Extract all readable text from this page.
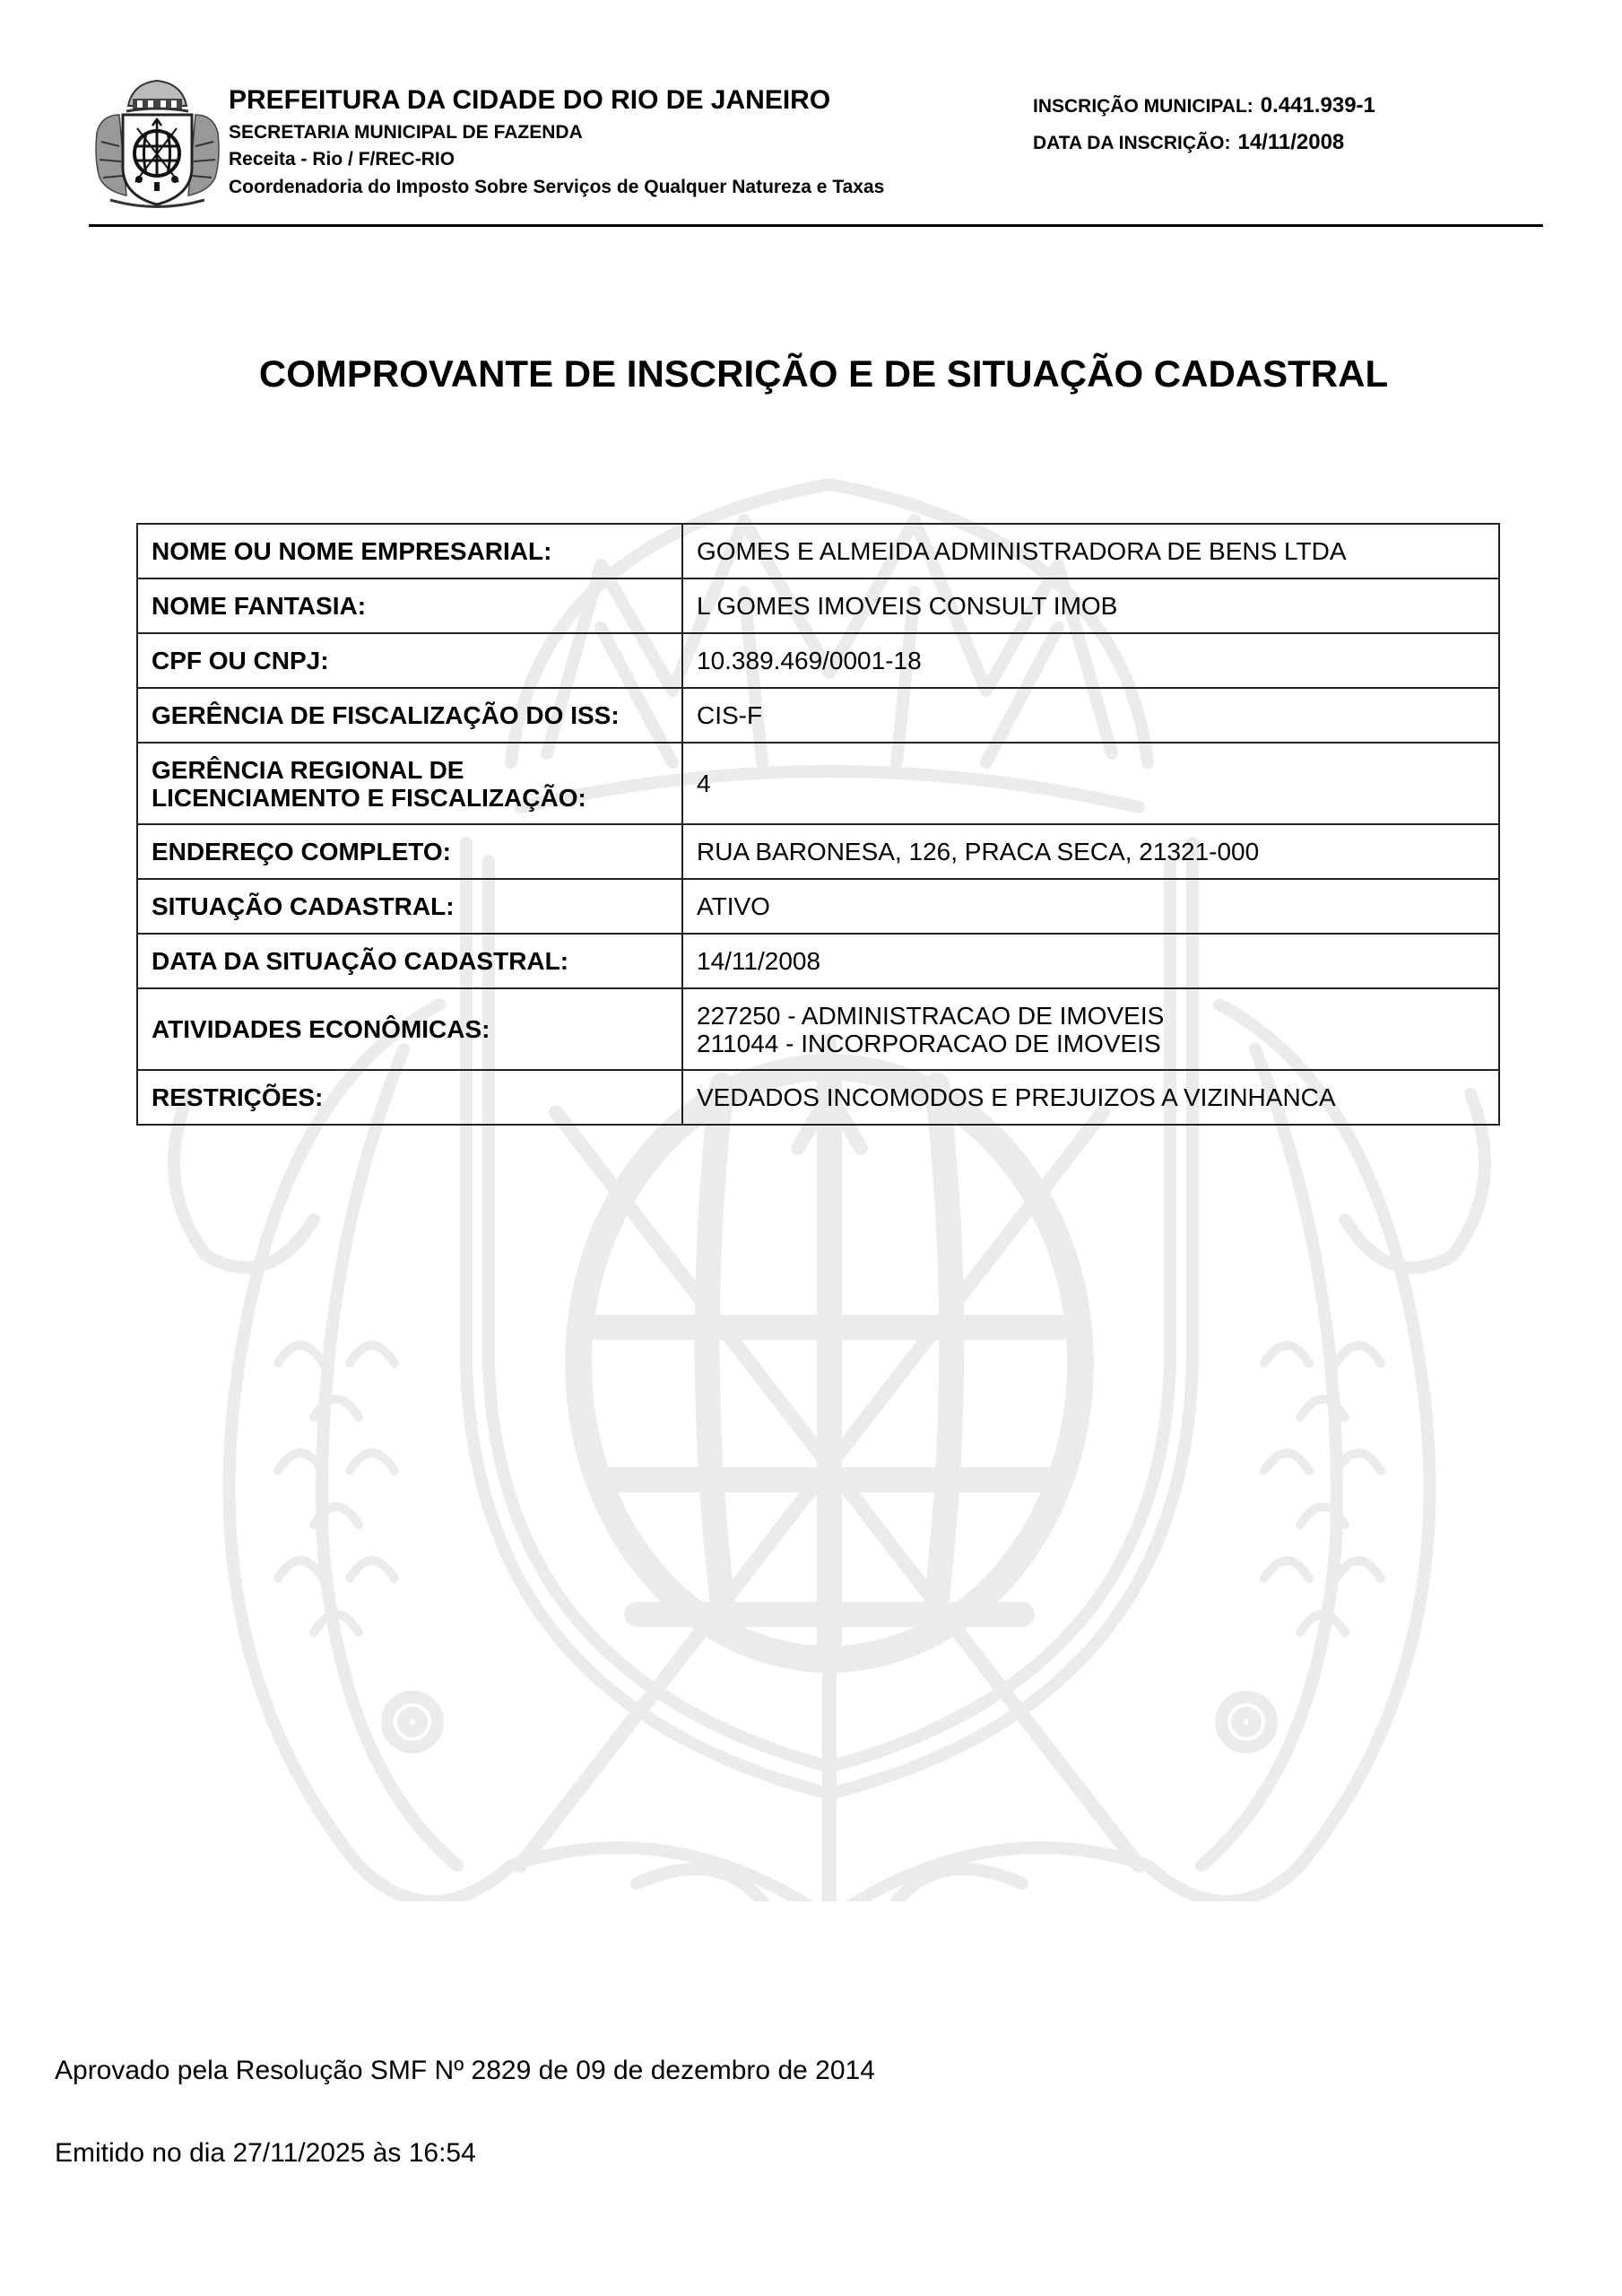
PREFEITURA DA CIDADE DO RIO DE JANEIRO
SECRETARIA MUNICIPAL DE FAZENDA
Receita - Rio / F/REC-RIO
Coordenadoria do Imposto Sobre Serviços de Qualquer Natureza e Taxas
INSCRIÇÃO MUNICIPAL: 0.441.939-1
DATA DA INSCRIÇÃO: 14/11/2008
COMPROVANTE DE INSCRIÇÃO E DE SITUAÇÃO CADASTRAL
NOME OU NOME EMPRESARIAL:	GOMES E ALMEIDA ADMINISTRADORA DE BENS LTDA
NOME FANTASIA:	L GOMES IMOVEIS CONSULT IMOB
CPF OU CNPJ:	10.389.469/0001-18
GERÊNCIA DE FISCALIZAÇÃO DO ISS:	CIS-F

GERÊNCIA REGIONAL DE
LICENCIAMENTO E FISCALIZAÇÃO:	4
ENDEREÇO COMPLETO:	RUA BARONESA, 126, PRACA SECA, 21321-000
SITUAÇÃO CADASTRAL:	ATIVO
DATA DA SITUAÇÃO CADASTRAL:	14/11/2008
ATIVIDADES ECONÔMICAS:	227250 - ADMINISTRACAO DE IMOVEIS
211044 - INCORPORACAO DE IMOVEIS

RESTRIÇÕES:	VEDADOS INCOMODOS E PREJUIZOS A VIZINHANCA
Aprovado pela Resolução SMF Nº 2829 de 09 de dezembro de 2014
Emitido no dia 27/11/2025 às 16:54
